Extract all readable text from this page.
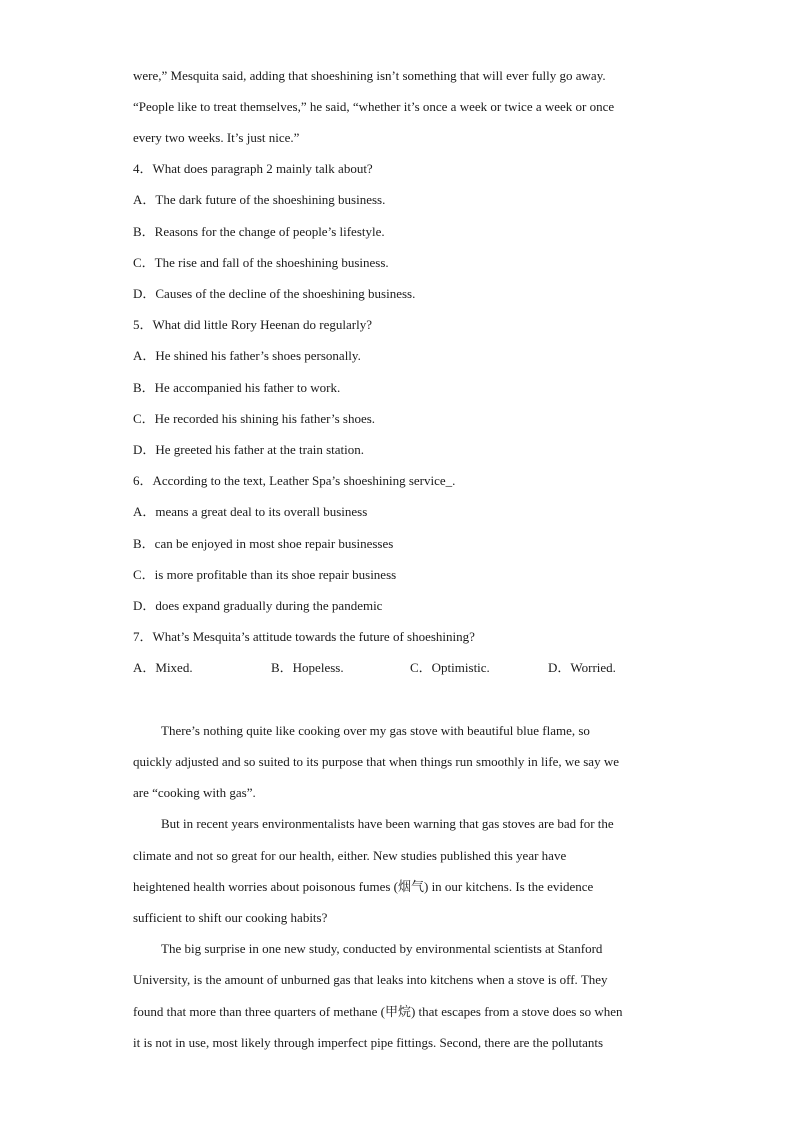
were,” Mesquita said, adding that shoeshining isn’t something that will ever fully go away.
“People like to treat themselves,” he said, “whether it’s once a week or twice a week or once
every two weeks. It’s just nice.”
4．What does paragraph 2 mainly talk about?
A．The dark future of the shoeshining business.
B．Reasons for the change of people’s lifestyle.
C．The rise and fall of the shoeshining business.
D．Causes of the decline of the shoeshining business.
5．What did little Rory Heenan do regularly?
A．He shined his father’s shoes personally.
B．He accompanied his father to work.
C．He recorded his shining his father’s shoes.
D．He greeted his father at the train station.
6．According to the text, Leather Spa’s shoeshining service_.
A．means a great deal to its overall business
B．can be enjoyed in most shoe repair businesses
C．is more profitable than its shoe repair business
D．does expand gradually during the pandemic
7．What’s Mesquita’s attitude towards the future of shoeshining?
A．Mixed.	B．Hopeless.	C．Optimistic.	D．Worried.
There’s nothing quite like cooking over my gas stove with beautiful blue flame, so
quickly adjusted and so suited to its purpose that when things run smoothly in life, we say we
are “cooking with gas”.
But in recent years environmentalists have been warning that gas stoves are bad for the
climate and not so great for our health, either. New studies published this year have
heightened health worries about poisonous fumes (烟气) in our kitchens. Is the evidence
sufficient to shift our cooking habits?
The big surprise in one new study, conducted by environmental scientists at Stanford
University, is the amount of unburned gas that leaks into kitchens when a stove is off. They
found that more than three quarters of methane (甲烷) that escapes from a stove does so when
it is not in use, most likely through imperfect pipe fittings. Second, there are the pollutants
